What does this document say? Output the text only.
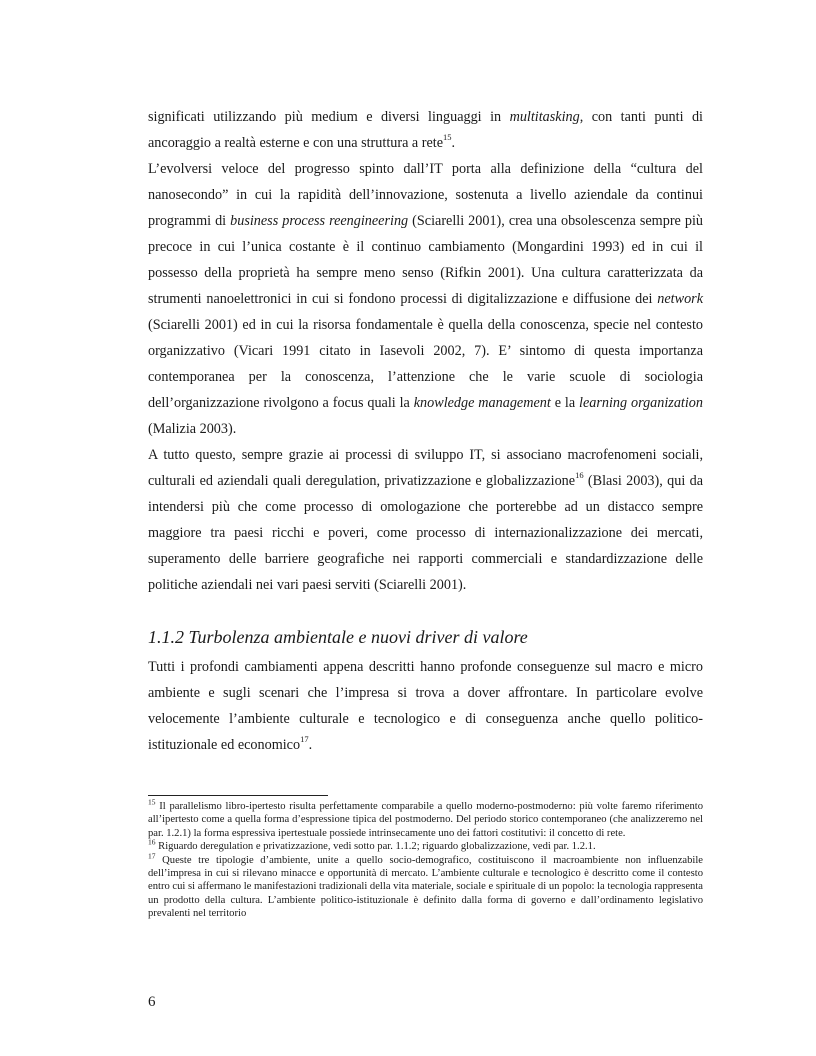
significati utilizzando più medium e diversi linguaggi in multitasking, con tanti punti di ancoraggio a realtà esterne e con una struttura a rete$^{15}$.

L’evolversi veloce del progresso spinto dall’IT porta alla definizione della “cultura del nanosecondo” in cui la rapidità dell’innovazione, sostenuta a livello aziendale da continui programmi di business process reengineering (Sciarelli 2001), crea una obsolescenza sempre più precoce in cui l’unica costante è il continuo cambiamento (Mongardini 1993) ed in cui il possesso della proprietà ha sempre meno senso (Rifkin 2001). Una cultura caratterizzata da strumenti nanoelettronici in cui si fondono processi di digitalizzazione e diffusione dei network (Sciarelli 2001) ed in cui la risorsa fondamentale è quella della conoscenza, specie nel contesto organizzativo (Vicari 1991 citato in Iasevoli 2002, 7). E’ sintomo di questa importanza contemporanea per la conoscenza, l’attenzione che le varie scuole di sociologia dell’organizzazione rivolgono a focus quali la knowledge management e la learning organization (Malizia 2003).

A tutto questo, sempre grazie ai processi di sviluppo IT, si associano macrofenomeni sociali, culturali ed aziendali quali deregulation, privatizzazione e globalizzazione$^{16}$ (Blasi 2003), qui da intendersi più che come processo di omologazione che porterebbe ad un distacco sempre maggiore tra paesi ricchi e poveri, come processo di internazionalizzazione dei mercati, superamento delle barriere geografiche nei rapporti commerciali e standardizzazione delle politiche aziendali nei vari paesi serviti (Sciarelli 2001).

1.1.2 Turbolenza ambientale e nuovi driver di valore

Tutti i profondi cambiamenti appena descritti hanno profonde conseguenze sul macro e micro ambiente e sugli scenari che l’impresa si trova a dover affrontare. In particolare evolve velocemente l’ambiente culturale e tecnologico e di conseguenza anche quello politico-istituzionale ed economico$^{17}$.

$^{15}$ Il parallelismo libro-ipertesto risulta perfettamente comparabile a quello moderno-postmoderno: più volte faremo riferimento all’ipertesto come a quella forma d’espressione tipica del postmoderno. Del periodo storico contemporaneo (che analizzeremo nel par. 1.2.1) la forma espressiva ipertestuale possiede intrinsecamente uno dei fattori costitutivi: il concetto di rete.

$^{16}$ Riguardo deregulation e privatizzazione, vedi sotto par. 1.1.2; riguardo globalizzazione, vedi par. 1.2.1.

$^{17}$ Queste tre tipologie d’ambiente, unite a quello socio-demografico, costituiscono il macroambiente non influenzabile dell’impresa in cui si rilevano minacce e opportunità di mercato. L’ambiente culturale e tecnologico è descritto come il contesto entro cui si affermano le manifestazioni tradizionali della vita materiale, sociale e spirituale di un popolo: la tecnologia rappresenta un prodotto della cultura. L’ambiente politico-istituzionale è definito dalla forma di governo e dall’ordinamento legislativo prevalenti nel territorio

6
